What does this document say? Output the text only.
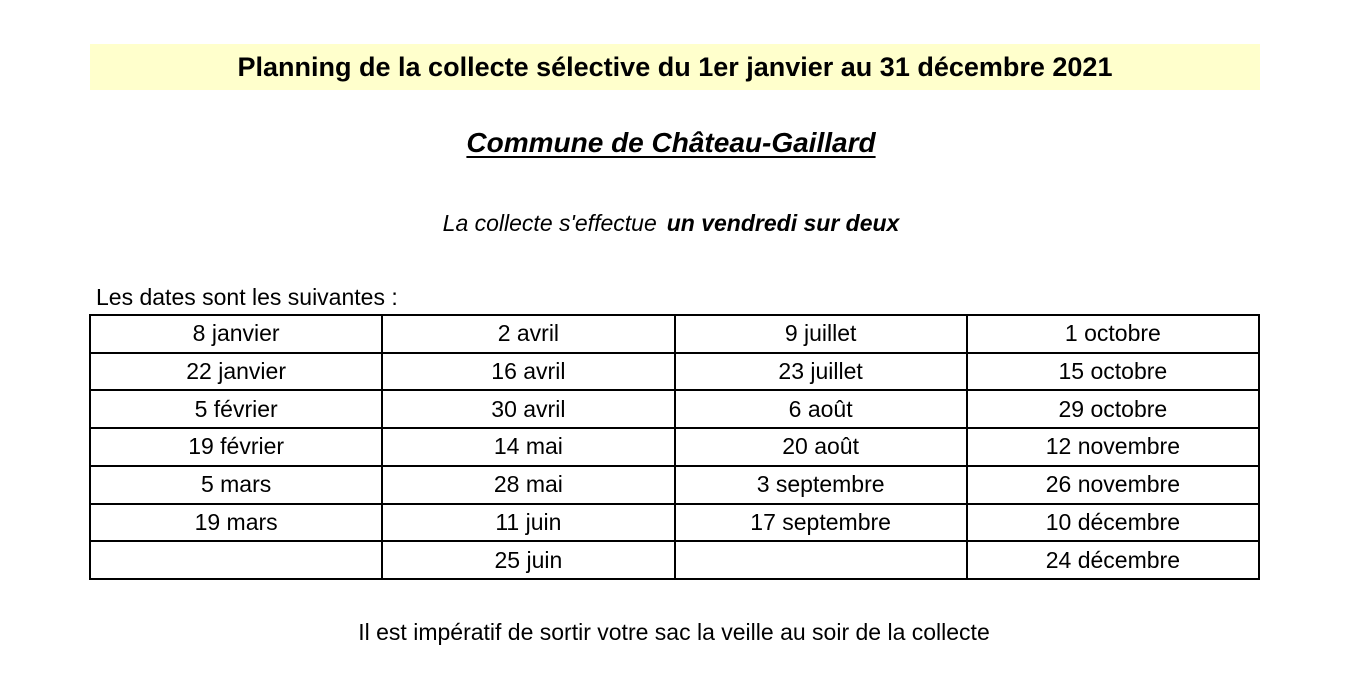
Planning de la collecte sélective du 1er janvier au 31 décembre 2021
Commune de Château-Gaillard
La collecte s'effectue un vendredi sur deux
Les dates sont les suivantes :
8 janvier	2 avril	9 juillet	1 octobre
22 janvier	16 avril	23 juillet	15 octobre
5 février	30 avril	6 août	29 octobre
19 février	14 mai	20 août	12 novembre
5 mars	28 mai	3 septembre	26 novembre
19 mars	11 juin	17 septembre	10 décembre
	25 juin		24 décembre
Il est impératif de sortir votre sac la veille au soir de la collecte
